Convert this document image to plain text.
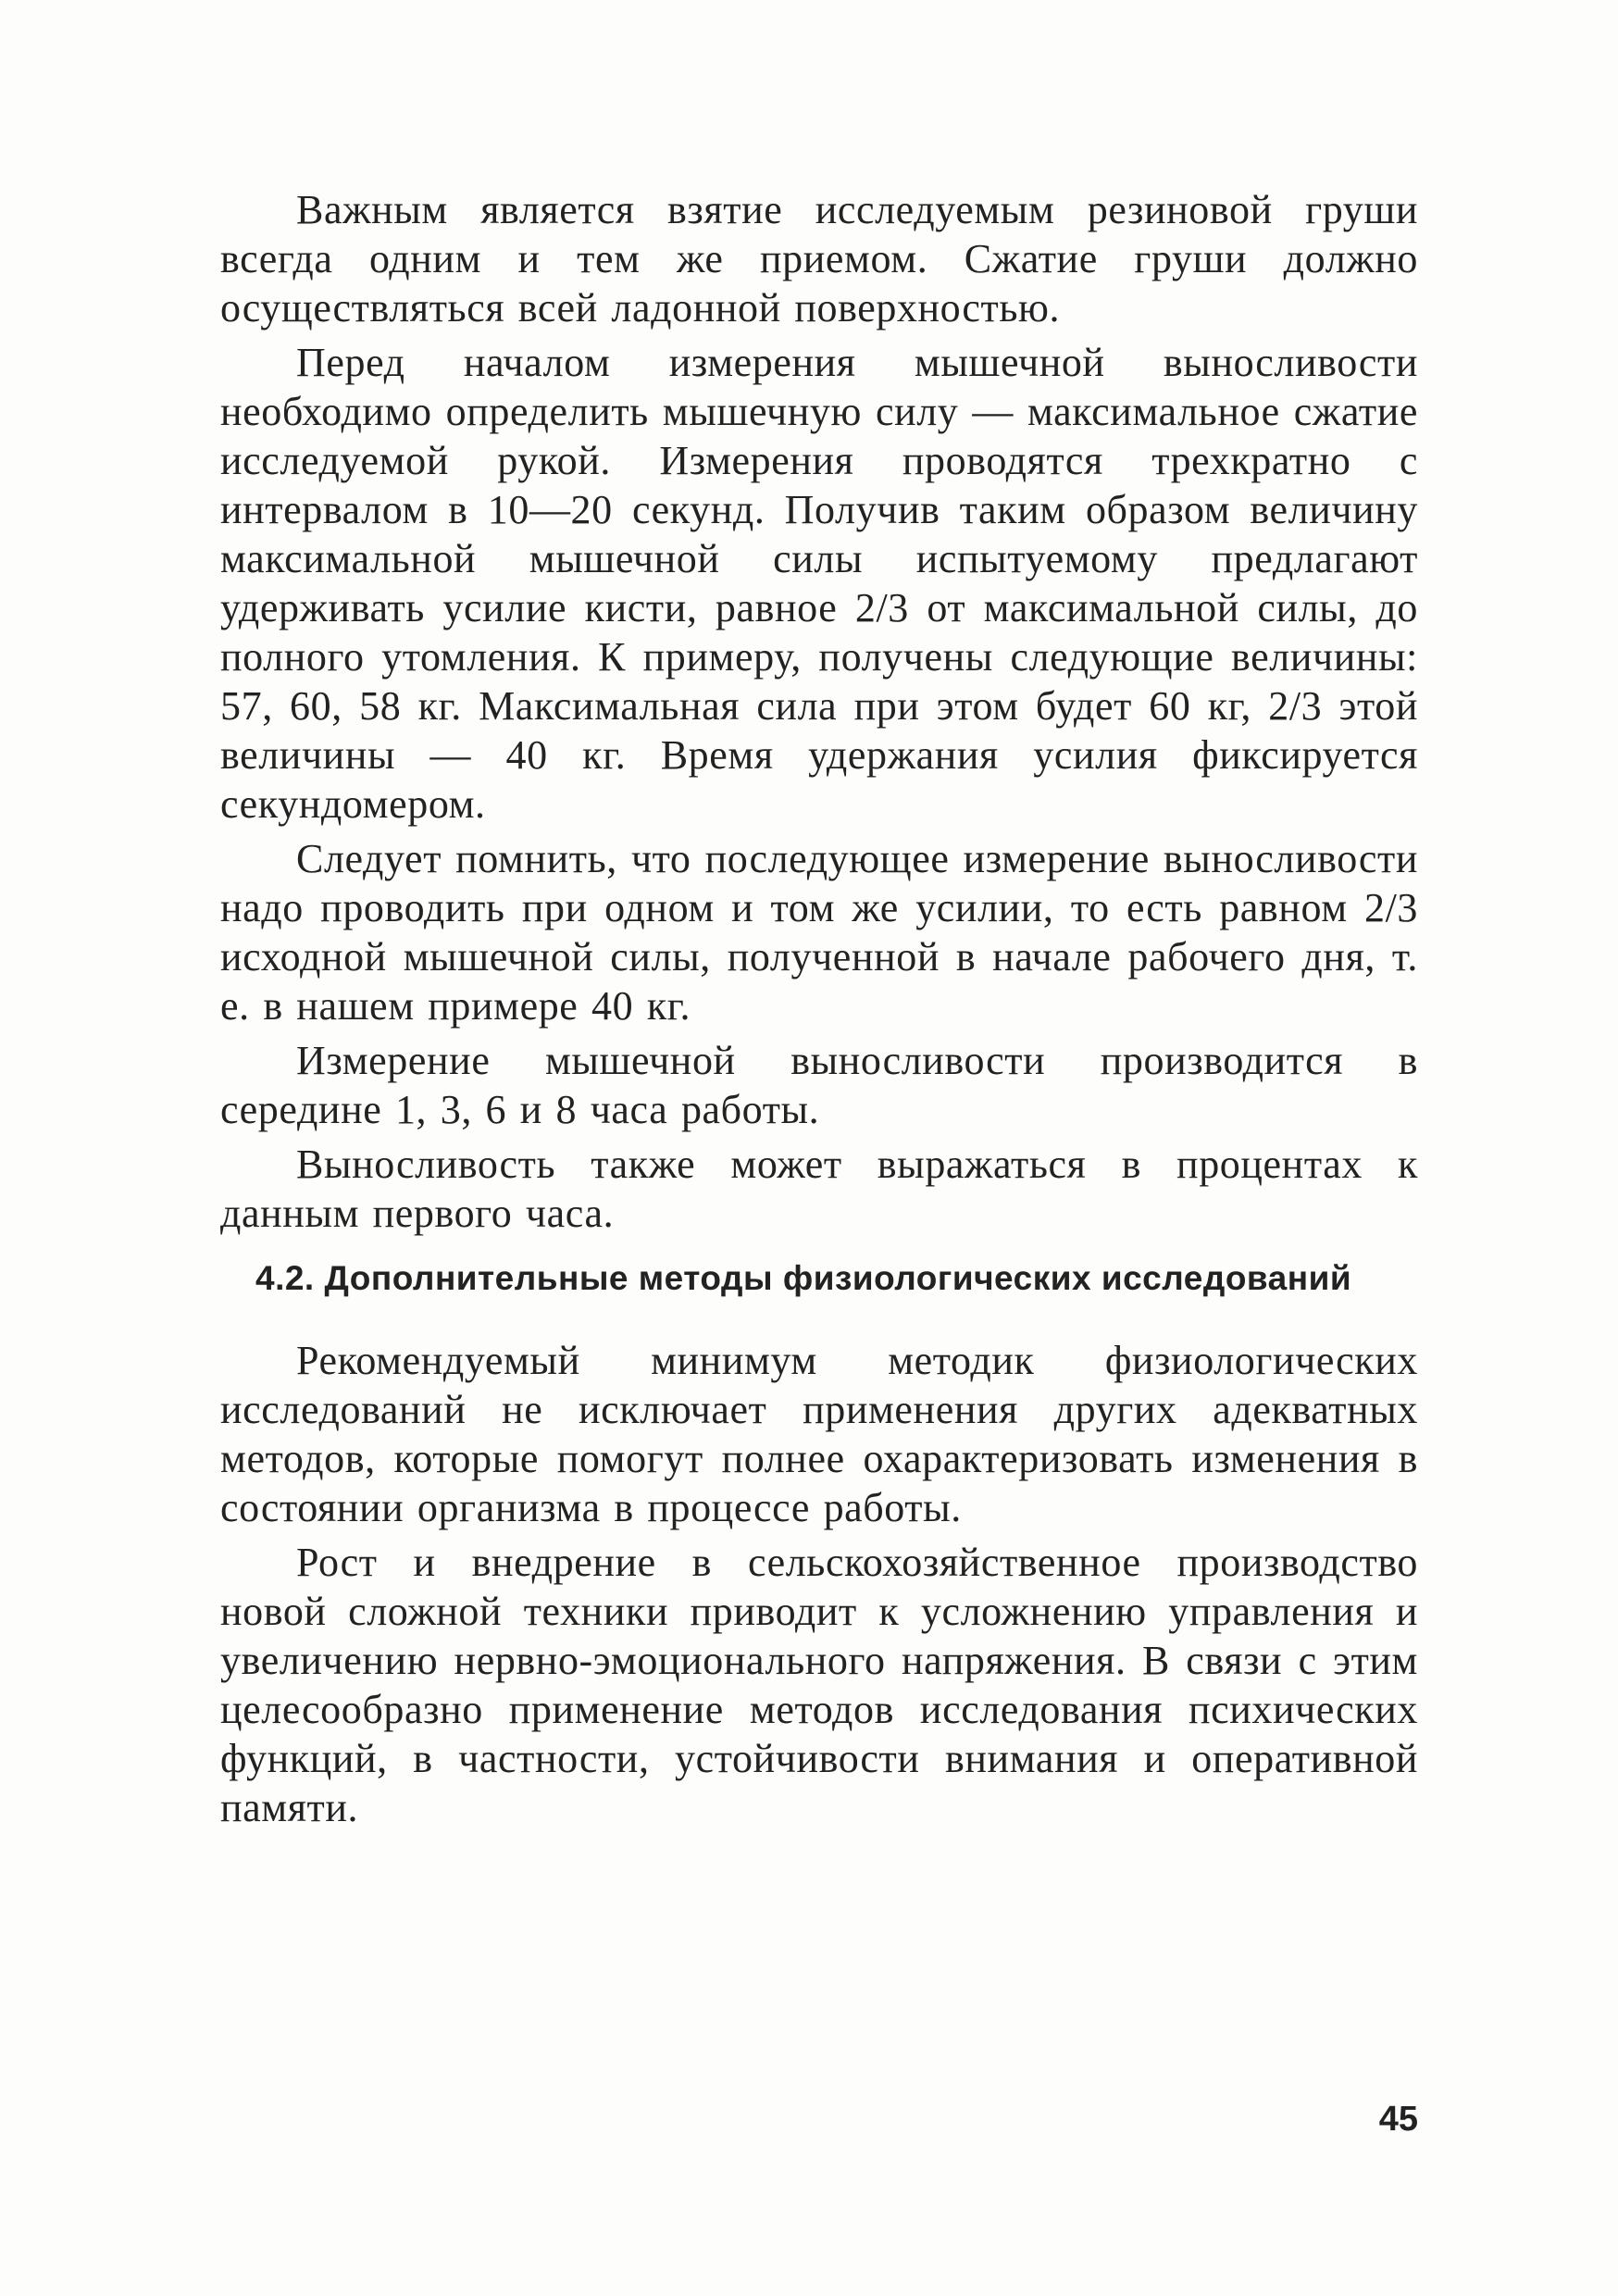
Важным является взятие исследуемым резиновой груши всегда одним и тем же приемом. Сжатие груши должно осуществляться всей ладонной поверхностью.

Перед началом измерения мышечной выносливости необходимо определить мышечную силу — максимальное сжатие исследуемой рукой. Измерения проводятся трехкратно с интервалом в 10—20 секунд. Получив таким образом величину максимальной мышечной силы испытуемому предлагают удерживать усилие кисти, равное 2/3 от максимальной силы, до полного утомления. К примеру, получены следующие величины: 57, 60, 58 кг. Максимальная сила при этом будет 60 кг, 2/3 этой величины — 40 кг. Время удержания усилия фиксируется секундомером.

Следует помнить, что последующее измерение выносливости надо проводить при одном и том же усилии, то есть равном 2/3 исходной мышечной силы, полученной в начале рабочего дня, т. е. в нашем примере 40 кг.

Измерение мышечной выносливости производится в середине 1, 3, 6 и 8 часа работы.

Выносливость также может выражаться в процентах к данным первого часа.

4.2. Дополнительные методы физиологических исследований

Рекомендуемый минимум методик физиологических исследований не исключает применения других адекватных методов, которые помогут полнее охарактеризовать изменения в состоянии организма в процессе работы.

Рост и внедрение в сельскохозяйственное производство новой сложной техники приводит к усложнению управления и увеличению нервно-эмоционального напряжения. В связи с этим целесообразно применение методов исследования психических функций, в частности, устойчивости внимания и оперативной памяти.

45
